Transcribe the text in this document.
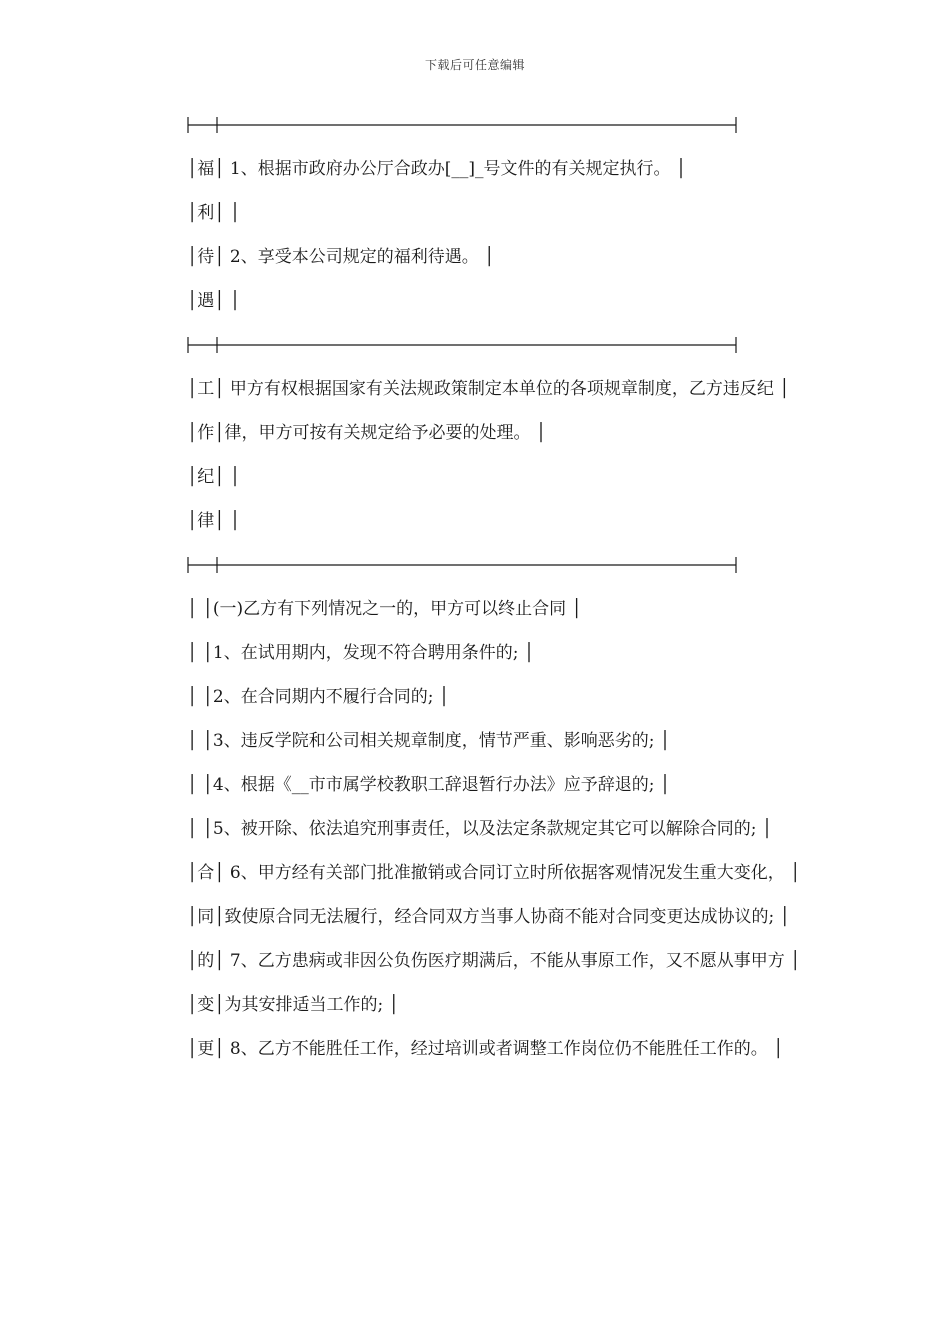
下载后可任意编辑

│福│ 1、根据市政府办公厅合政办[__]_号文件的有关规定执行。 │

│利│ │

│待│ 2、享受本公司规定的福利待遇。 │

│遇│ │

│工│ 甲方有权根据国家有关法规政策制定本单位的各项规章制度，乙方违反纪 │

│作│律，甲方可按有关规定给予必要的处理。 │

│纪│ │

│律│ │

│ │(一)乙方有下列情况之一的，甲方可以终止合同 │

│ │1、在试用期内，发现不符合聘用条件的; │

│ │2、在合同期内不履行合同的; │

│ │3、违反学院和公司相关规章制度，情节严重、影响恶劣的; │

│ │4、根据《__市市属学校教职工辞退暂行办法》应予辞退的; │

│ │5、被开除、依法追究刑事责任，以及法定条款规定其它可以解除合同的; │

│合│ 6、甲方经有关部门批准撤销或合同订立时所依据客观情况发生重大变化， │

│同│致使原合同无法履行，经合同双方当事人协商不能对合同变更达成协议的; │

│的│ 7、乙方患病或非因公负伤医疗期满后，不能从事原工作，又不愿从事甲方 │

│变│为其安排适当工作的; │

│更│ 8、乙方不能胜任工作，经过培训或者调整工作岗位仍不能胜任工作的。 │
